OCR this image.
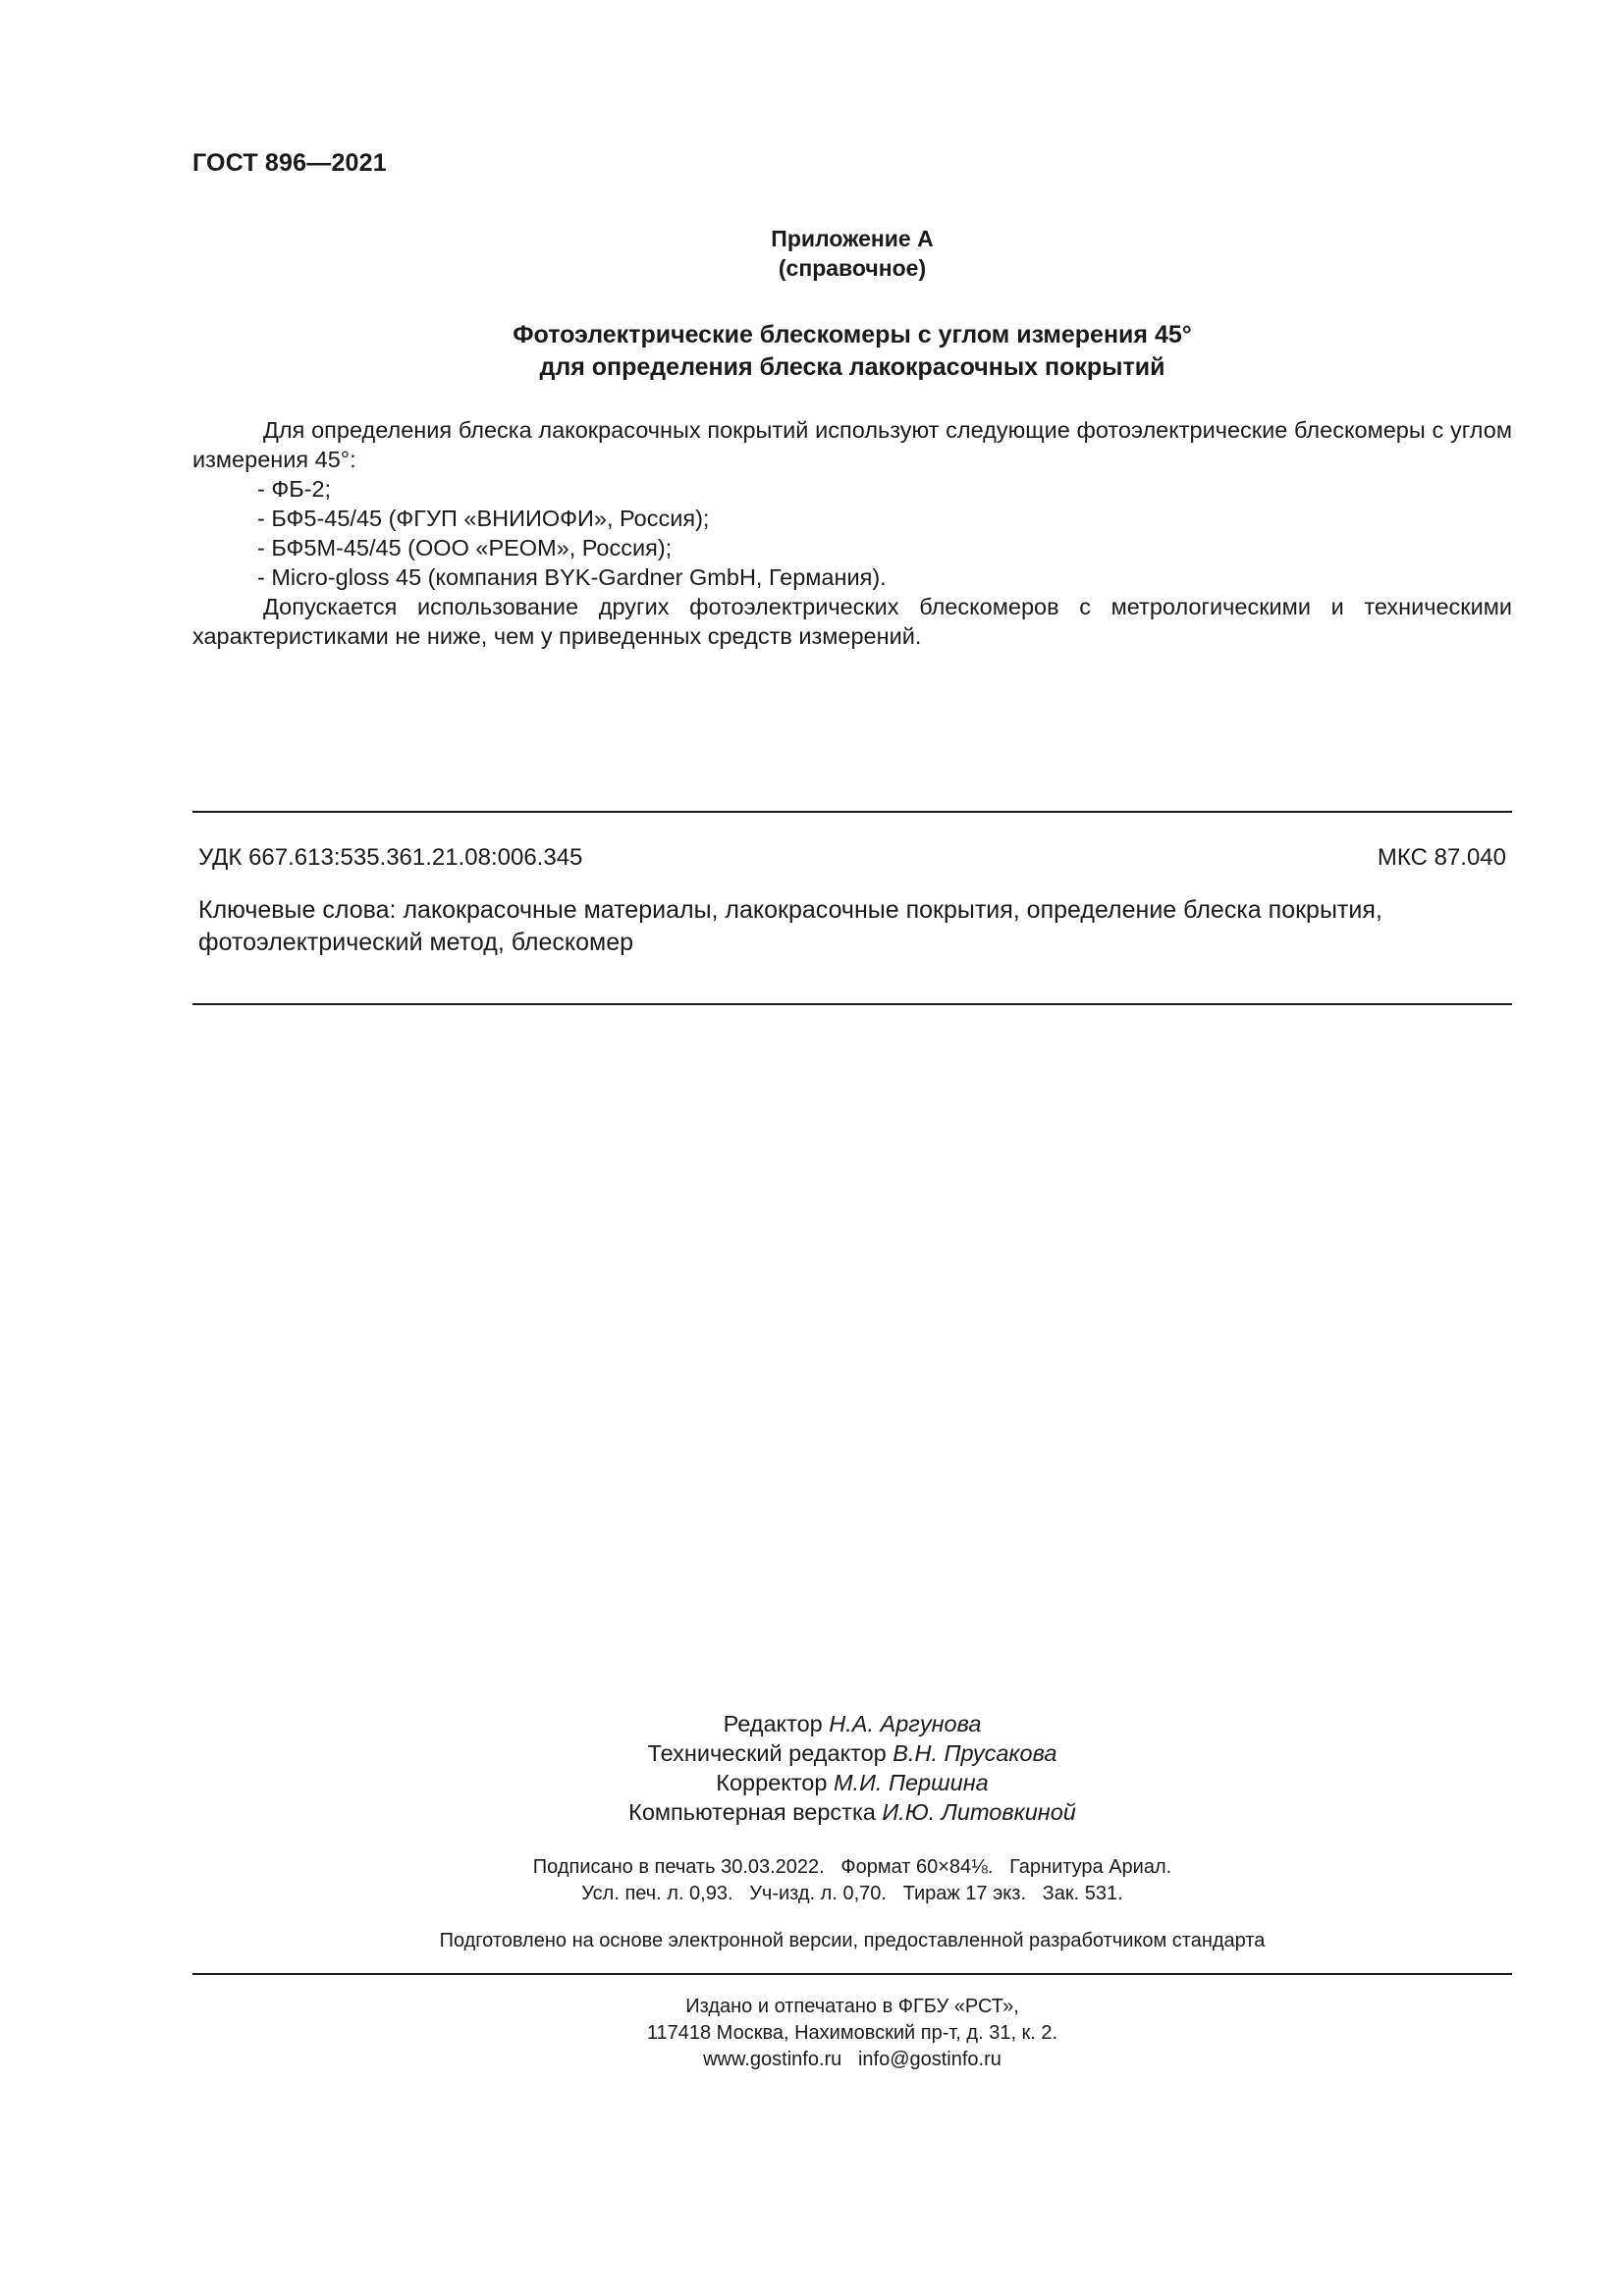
ГОСТ 896—2021
Приложение А
(справочное)
Фотоэлектрические блескомеры с углом измерения 45°
для определения блеска лакокрасочных покрытий

Для определения блеска лакокрасочных покрытий используют следующие фотоэлектрические блескомеры с углом измерения 45°:

- ФБ-2;

- БФ5-45/45 (ФГУП «ВНИИОФИ», Россия);

- БФ5М-45/45 (ООО «РЕОМ», Россия);

- Micro-gloss 45 (компания BYK-Gardner GmbH, Германия).

Допускается использование других фотоэлектрических блескомеров с метрологическими и техническими характеристиками не ниже, чем у приведенных средств измерений.

УДК 667.613:535.361.21.08:006.345	МКС 87.040
Ключевые слова: лакокрасочные материалы, лакокрасочные покрытия, определение блеска покрытия, фотоэлектрический метод, блескомер
Редактор Н.А. Аргунова
Технический редактор В.Н. Прусакова
Корректор М.И. Першина
Компьютерная верстка И.Ю. Литовкиной
Подписано в печать 30.03.2022.   Формат 60×84⅛.   Гарнитура Ариал.
Усл. печ. л. 0,93.   Уч-изд. л. 0,70.   Тираж 17 экз.   Зак. 531.
Подготовлено на основе электронной версии, предоставленной разработчиком стандарта
Издано и отпечатано в ФГБУ «РСТ»,
117418 Москва, Нахимовский пр-т, д. 31, к. 2.
www.gostinfo.ru   info@gostinfo.ru
